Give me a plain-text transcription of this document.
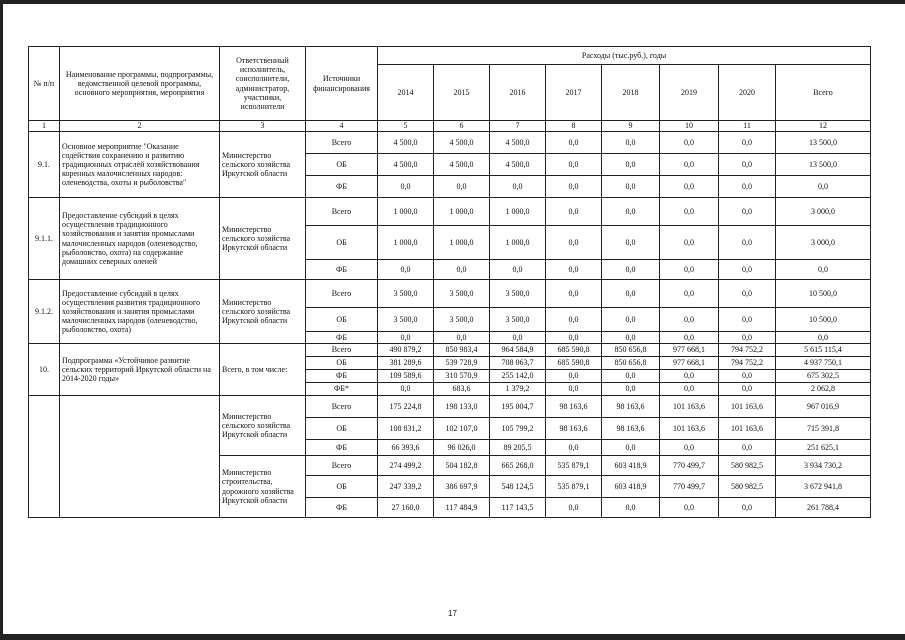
№ п/п	Наименование программы, подпрограммы, ведомственной целевой программы, основного мероприятия, мероприятия	Ответственный исполнитель, соисполнители, администратор, участники, исполнители	Источники финансирования	Расходы (тыс.руб.), годы							
				2014	2015	2016	2017	2018	2019	2020	Всего
1	2	3	4	5	6	7	8	9	10	11	12
9.1.	Основное мероприятие "Оказание содействия сохранению и развитию традиционных отраслей хозяйствования коренных малочисленных народов: оленеводства, охоты и рыболовства"	Министерство сельского хозяйства Иркутской области	Всего	4 500,0	4 500,0	4 500,0	0,0	0,0	0,0	0,0	13 500,0
			ОБ	4 500,0	4 500,0	4 500,0	0,0	0,0	0,0	0,0	13 500,0
			ФБ	0,0	0,0	0,0	0,0	0,0	0,0	0,0	0,0
9.1.1.	Предоставление субсидий в целях осуществления традиционного хозяйствования и занятия промыслами малочисленных народов (оленеводство, рыболовство, охота) на содержание домашних северных оленей	Министерство сельского хозяйства Иркутской области	Всего	1 000,0	1 000,0	1 000,0	0,0	0,0	0,0	0,0	3 000,0
			ОБ	1 000,0	1 000,0	1 000,0	0,0	0,0	0,0	0,0	3 000,0
			ФБ	0,0	0,0	0,0	0,0	0,0	0,0	0,0	0,0
9.1.2.	Предоставление субсидий в целях осуществления развития традиционного хозяйствования и занятия промыслами малочисленных народов (оленеводство, рыболовство, охота)	Министерство сельского хозяйства Иркутской области	Всего	3 500,0	3 500,0	3 500,0	0,0	0,0	0,0	0,0	10 500,0
			ОБ	3 500,0	3 500,0	3 500,0	0,0	0,0	0,0	0,0	10 500,0
			ФБ	0,0	0,0	0,0	0,0	0,0	0,0	0,0	0,0
10.	Подпрограмма «Устойчивое развитие сельских территорий Иркутской области на 2014-2020 годы»	Всего, в том числе:	Всего	490 879,2	850 983,4	964 584,9	685 590,8	850 656,8	977 668,1	794 752,2	5 615 115,4
			ОБ	381 289,6	539 728,9	708 063,7	685 590,8	850 656,8	977 668,1	794 752,2	4 937 750,1
			ФБ	109 589,6	310 570,9	255 142,0	0,0	0,0	0,0	0,0	675 302,5
			ФБ*	0,0	683,6	1 379,2	0,0	0,0	0,0	0,0	2 062,8
		Министерство сельского хозяйства Иркутской области	Всего	175 224,8	198 133,0	195 004,7	98 163,6	98 163,6	101 163,6	101 163,6	967 016,9
			ОБ	108 831,2	102 107,0	105 799,2	98 163,6	98 163,6	101 163,6	101 163,6	715 391,8
			ФБ	66 393,6	96 026,0	89 205,5	0,0	0,0	0,0	0,0	251 625,1
		Министерство строительства, дорожного хозяйства Иркутской области	Всего	274 499,2	504 182,8	665 268,0	535 879,1	603 418,9	770 499,7	580 982,5	3 934 730,2
			ОБ	247 339,2	386 697,9	548 124,5	535 879,1	603 418,9	770 499,7	580 982,5	3 672 941,8
			ФБ	27 160,0	117 484,9	117 143,5	0,0	0,0	0,0	0,0	261 788,4
17
